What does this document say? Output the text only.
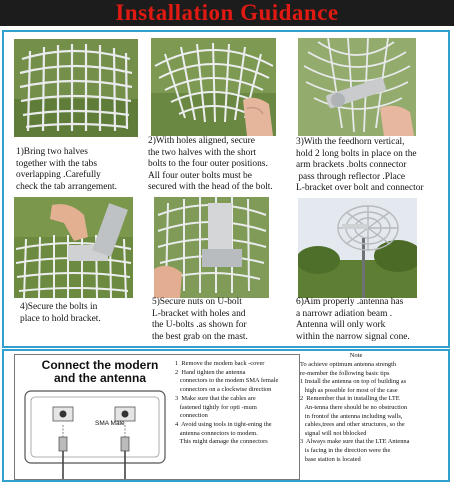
Installation Guidance
1)Bring two halves
together with the tabs
overlapping .Carefully
check the tab arrangement.
2)With holes aligned, secure
the two halves with the short
bolts to the four outer positions.
All four outer bolts must be
secured with the head of the bolt.
3)With the feedhorn vertical,
hold 2 long bolts in place on the
arm brackets .bolts connector
pass through reflector .Place
L-bracket over bolt and connector
4)Secure the bolts in
place to hold bracket.
5)Secure nuts on U-bolt
L-bracket with holes and
the U-bolts .as shown for
the best grab on the mast.
6)Aim properly .antenna has
a narrowr adiation beam .
Antenna will only work
within the narrow signal cone.
Connect the modern
and the antenna
SMA Male
1  Remove the modem back -cover
2  Hand tighten the antenna
connectors to the modem SMA female
connectors on a clockwise direction
3  Make sure that the cables are
fastened tightly for opti -mum
connection
4  Avoid using tools in tight-ening the
antenna connectors to modem.
This might damage the connectors
Note
To achieve optimum antenna strength
re-member the following basic tips
1 Install the antenna on top of building as
high as possible for most of the case
2  Remember that in installing the LTE
An-tenna there should be no obstruction
in frontof the antenna including walls,
cables,trees and other structures, so the
signal will not bblocked
3  Always make sure that the LTE Antenna
is facing in the direction were the
base station is located
